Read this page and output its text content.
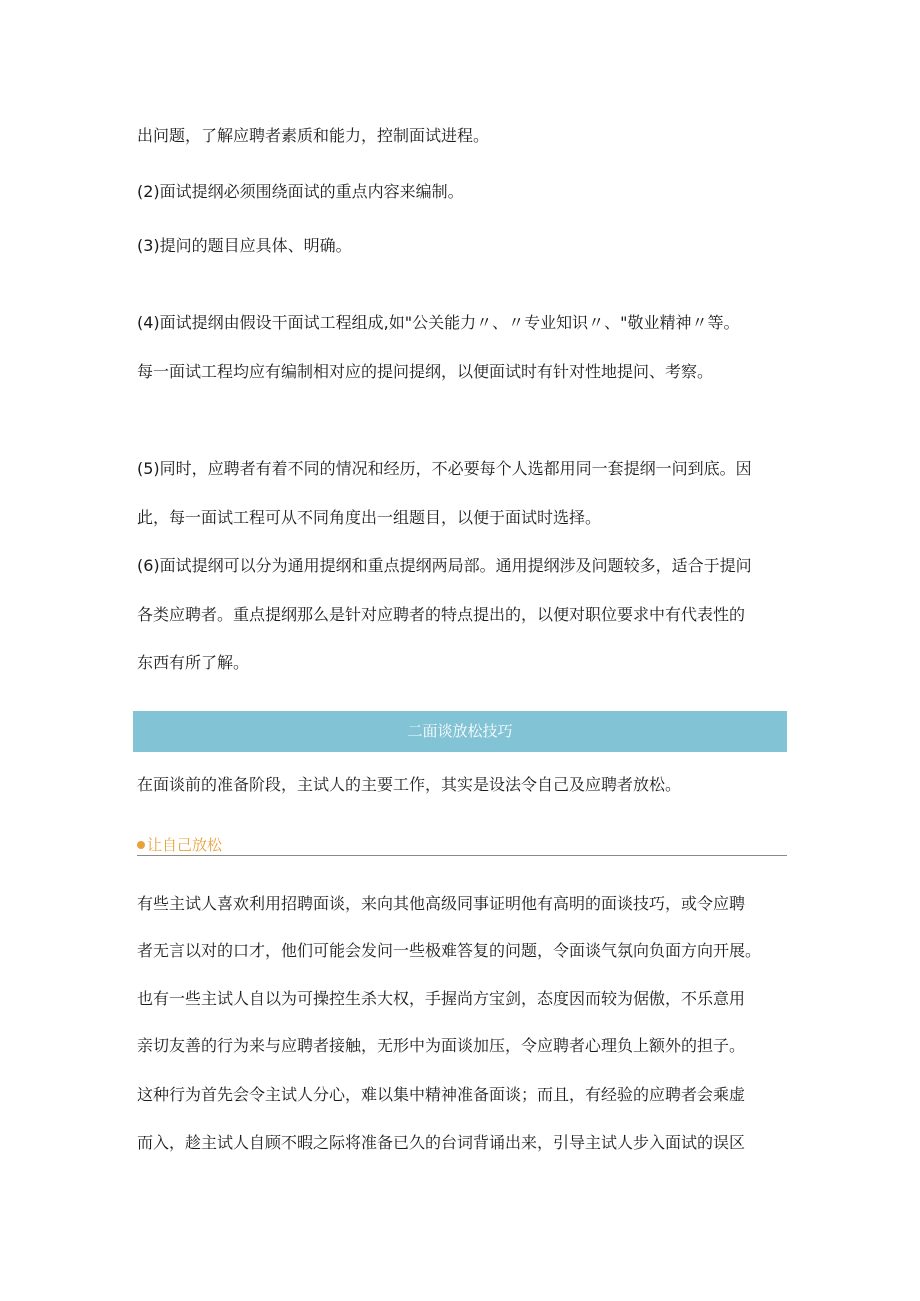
出问题，了解应聘者素质和能力，控制面试进程。
(2)面试提纲必须围绕面试的重点内容来编制。
(3)提问的题目应具体、明确。
(4)面试提纲由假设干面试工程组成,如"公关能力〃、〃专业知识〃、"敬业精神〃等。
每一面试工程均应有编制相对应的提问提纲，以便面试时有针对性地提问、考察。
(5)同时，应聘者有着不同的情况和经历，不必要每个人选都用同一套提纲一问到底。因
此，每一面试工程可从不同角度出一组题目，以便于面试时选择。
(6)面试提纲可以分为通用提纲和重点提纲两局部。通用提纲涉及问题较多，适合于提问
各类应聘者。重点提纲那么是针对应聘者的特点提出的，以便对职位要求中有代表性的
东西有所了解。
二面谈放松技巧
在面谈前的准备阶段，主试人的主要工作，其实是设法令自己及应聘者放松。
让自己放松
有些主试人喜欢利用招聘面谈，来向其他高级同事证明他有高明的面谈技巧，或令应聘
者无言以对的口才，他们可能会发问一些极难答复的问题，令面谈气氛向负面方向开展。
也有一些主试人自以为可操控生杀大权，手握尚方宝剑，态度因而较为倨傲，不乐意用
亲切友善的行为来与应聘者接触，无形中为面谈加压，令应聘者心理负上额外的担子。
这种行为首先会令主试人分心，难以集中精神准备面谈；而且，有经验的应聘者会乘虚
而入，趁主试人自顾不暇之际将准备已久的台词背诵出来，引导主试人步入面试的误区
